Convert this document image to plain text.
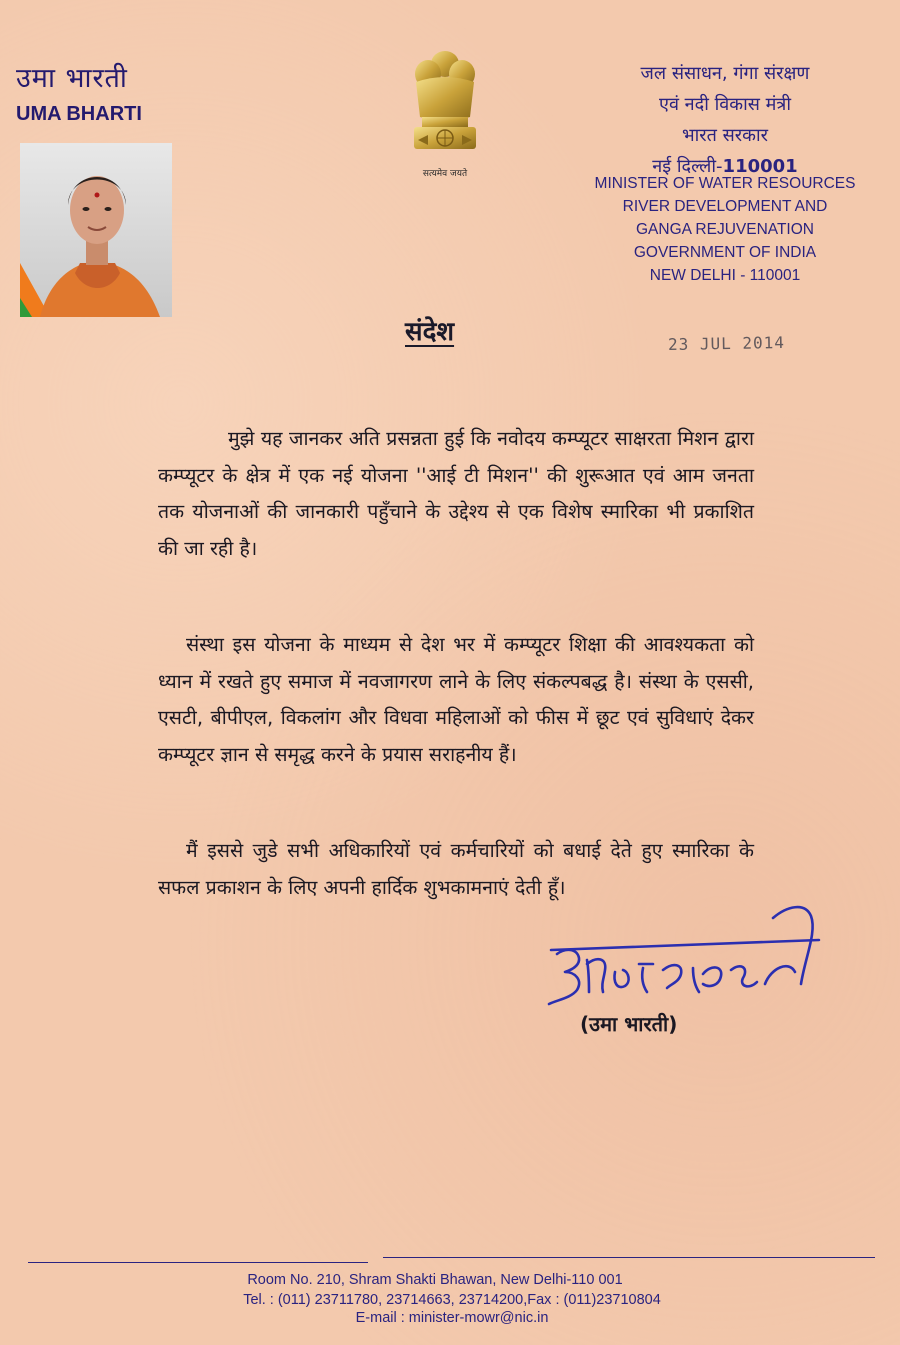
उमा भारती
UMA BHARTI
सत्यमेव जयते
जल संसाधन, गंगा संरक्षण
एवं नदी विकास मंत्री
भारत सरकार
नई दिल्ली-110001
MINISTER OF WATER RESOURCES
RIVER DEVELOPMENT AND
GANGA REJUVENATION
GOVERNMENT OF INDIA
NEW DELHI - 110001
संदेश	23 JUL 2014
मुझे यह जानकर अति प्रसन्नता हुई कि नवोदय कम्प्यूटर साक्षरता मिशन द्वारा कम्प्यूटर के क्षेत्र में एक नई योजना ''आई टी मिशन'' की शुरूआत एवं आम जनता तक योजनाओं की जानकारी पहुँचाने के उद्देश्य से एक विशेष स्मारिका भी प्रकाशित की जा रही है।
संस्था इस योजना के माध्यम से देश भर में कम्प्यूटर शिक्षा की आवश्यकता को ध्यान में रखते हुए समाज में नवजागरण लाने के लिए संकल्पबद्ध है। संस्था के एससी, एसटी, बीपीएल, विकलांग और विधवा महिलाओं को फीस में छूट एवं सुविधाएं देकर कम्प्यूटर ज्ञान से समृद्ध करने के प्रयास सराहनीय हैं।
मैं इससे जुडे सभी अधिकारियों एवं कर्मचारियों को बधाई देते हुए स्मारिका के सफल प्रकाशन के लिए अपनी हार्दिक शुभकामनाएं देती हूँ।
(उमा भारती)
Room No. 210, Shram Shakti Bhawan, New Delhi-110 001
Tel. : (011) 23711780, 23714663, 23714200,Fax : (011)23710804
E-mail : minister-mowr@nic.in
